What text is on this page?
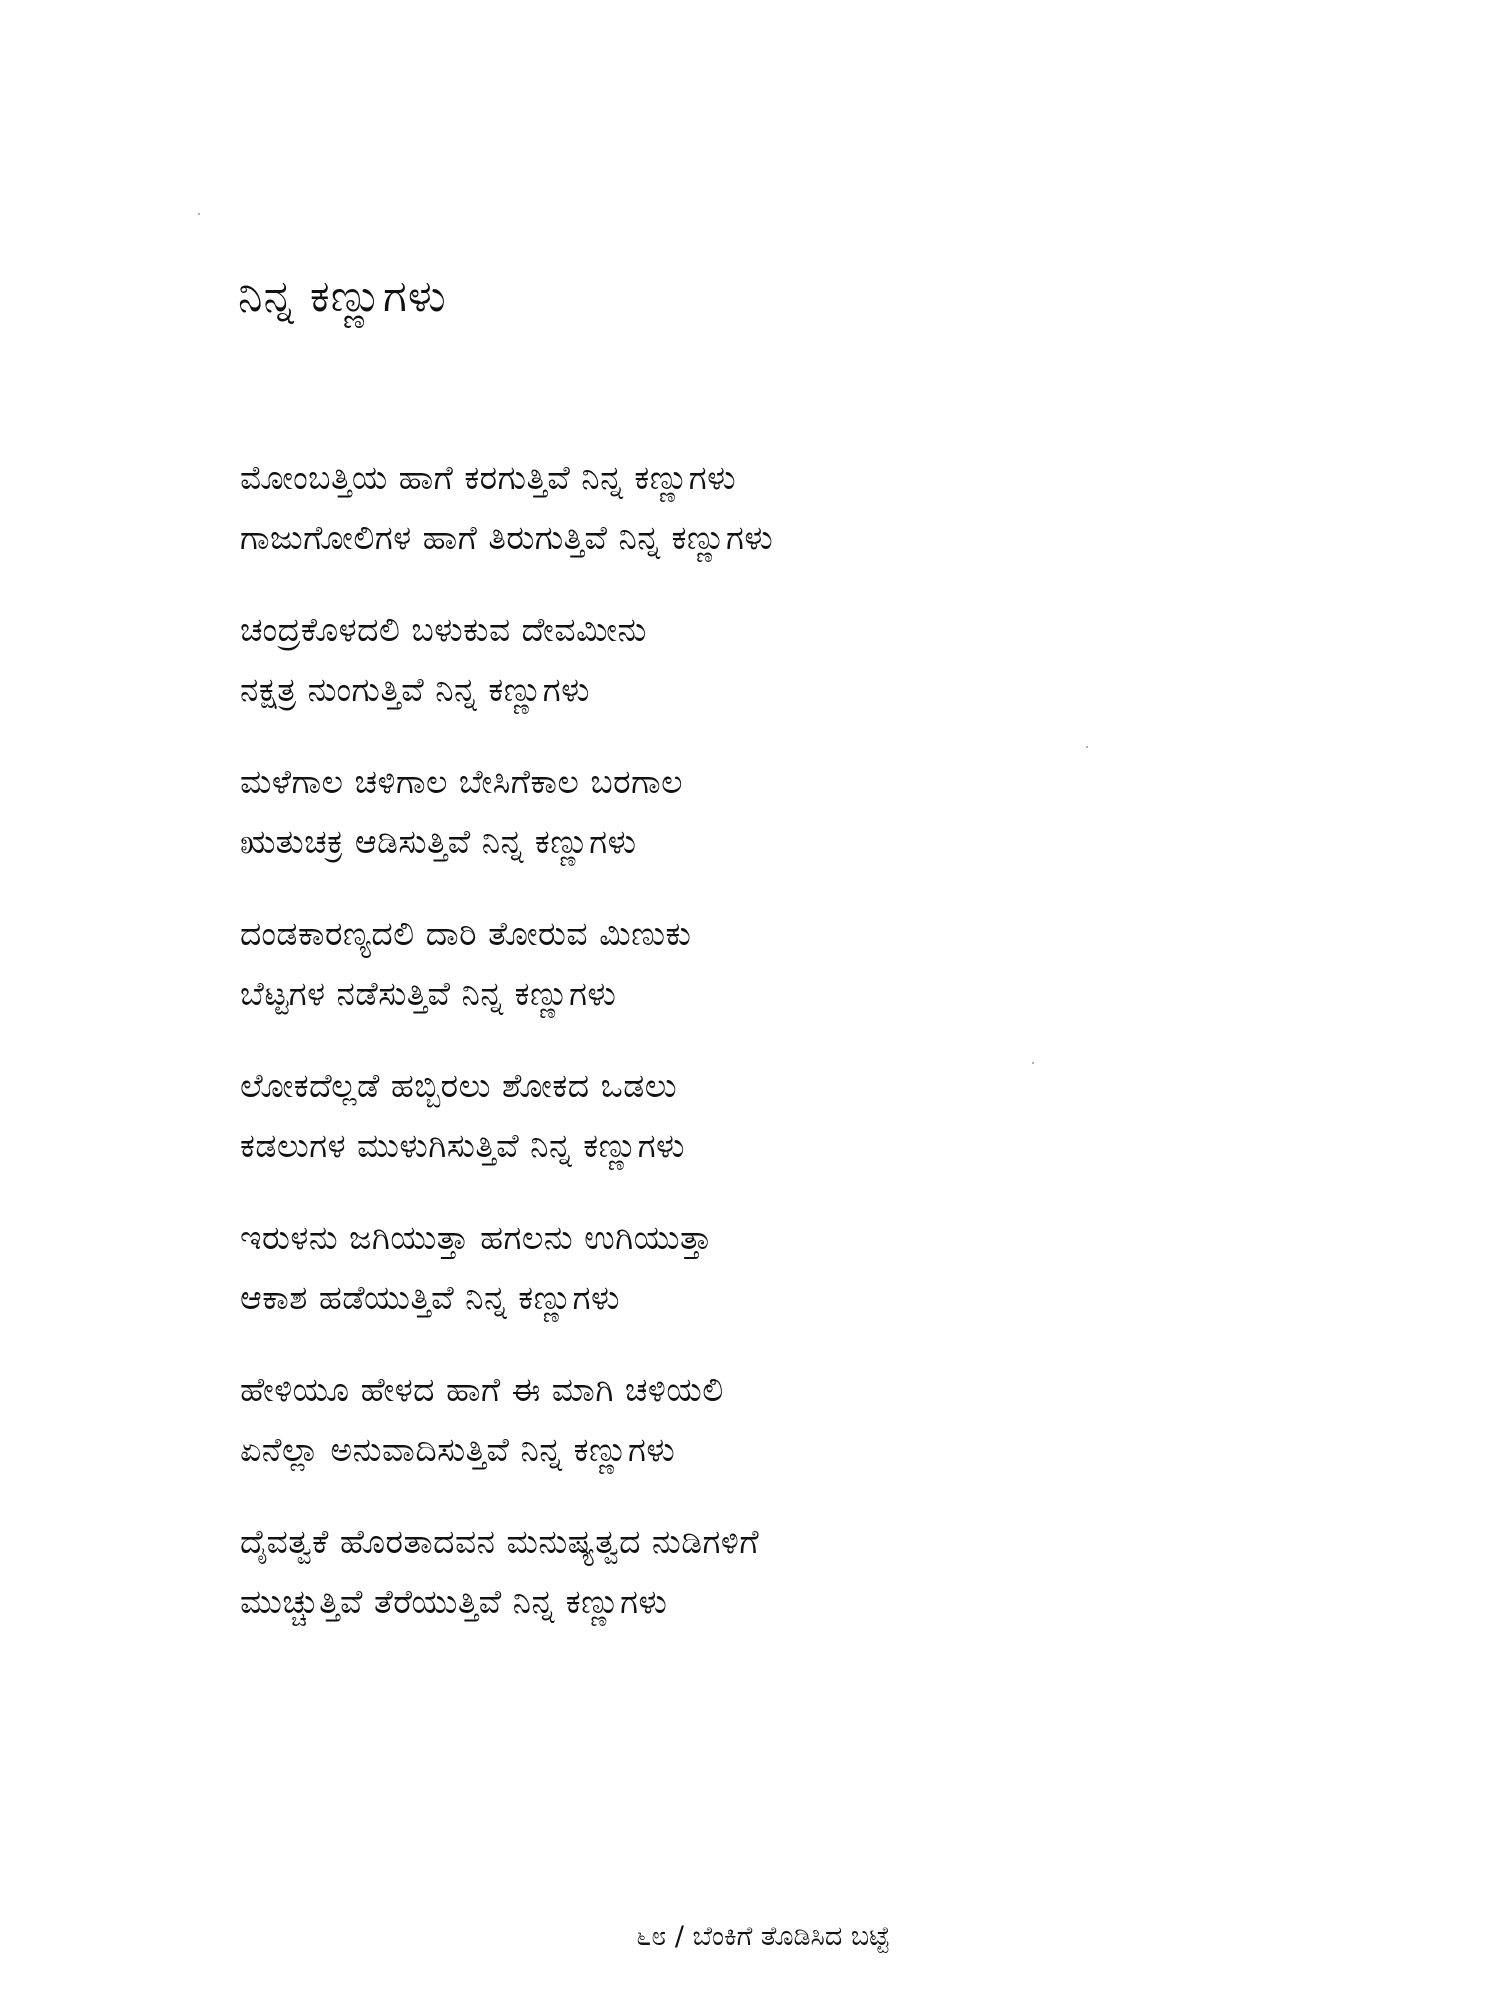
ನಿನ್ನ ಕಣ್ಣುಗಳು
ಮೋಂಬತ್ತಿಯ ಹಾಗೆ ಕರಗುತ್ತಿವೆ ನಿನ್ನ ಕಣ್ಣುಗಳು
ಗಾಜುಗೋಲಿಗಳ ಹಾಗೆ ತಿರುಗುತ್ತಿವೆ ನಿನ್ನ ಕಣ್ಣುಗಳು
ಚಂದ್ರಕೊಳದಲಿ ಬಳುಕುವ ದೇವಮೀನು
ನಕ್ಷತ್ರ ನುಂಗುತ್ತಿವೆ ನಿನ್ನ ಕಣ್ಣುಗಳು
ಮಳೆಗಾಲ ಚಳಿಗಾಲ ಬೇಸಿಗೆಕಾಲ ಬರಗಾಲ
ಋತುಚಕ್ರ ಆಡಿಸುತ್ತಿವೆ ನಿನ್ನ ಕಣ್ಣುಗಳು
ದಂಡಕಾರಣ್ಯದಲಿ ದಾರಿ ತೋರುವ ಮಿಣುಕು
ಬೆಟ್ಟಗಳ ನಡೆಸುತ್ತಿವೆ ನಿನ್ನ ಕಣ್ಣುಗಳು
ಲೋಕದೆಲ್ಲಡೆ ಹಬ್ಬಿರಲು ಶೋಕದ ಒಡಲು
ಕಡಲುಗಳ ಮುಳುಗಿಸುತ್ತಿವೆ ನಿನ್ನ ಕಣ್ಣುಗಳು
ಇರುಳನು ಜಗಿಯುತ್ತಾ ಹಗಲನು ಉಗಿಯುತ್ತಾ
ಆಕಾಶ ಹಡೆಯುತ್ತಿವೆ ನಿನ್ನ ಕಣ್ಣುಗಳು
ಹೇಳಿಯೂ ಹೇಳದ ಹಾಗೆ ಈ ಮಾಗಿ ಚಳಿಯಲಿ
ಏನೆಲ್ಲಾ ಅನುವಾದಿಸುತ್ತಿವೆ ನಿನ್ನ ಕಣ್ಣುಗಳು
ದೈವತ್ವಕೆ ಹೊರತಾದವನ ಮನುಷ್ಯತ್ವದ ನುಡಿಗಳಿಗೆ
ಮುಚ್ಚುತ್ತಿವೆ ತೆರೆಯುತ್ತಿವೆ ನಿನ್ನ ಕಣ್ಣುಗಳು
೬೮ / ಬೆಂಕಿಗೆ ತೊಡಿಸಿದ ಬಟ್ಟೆ
